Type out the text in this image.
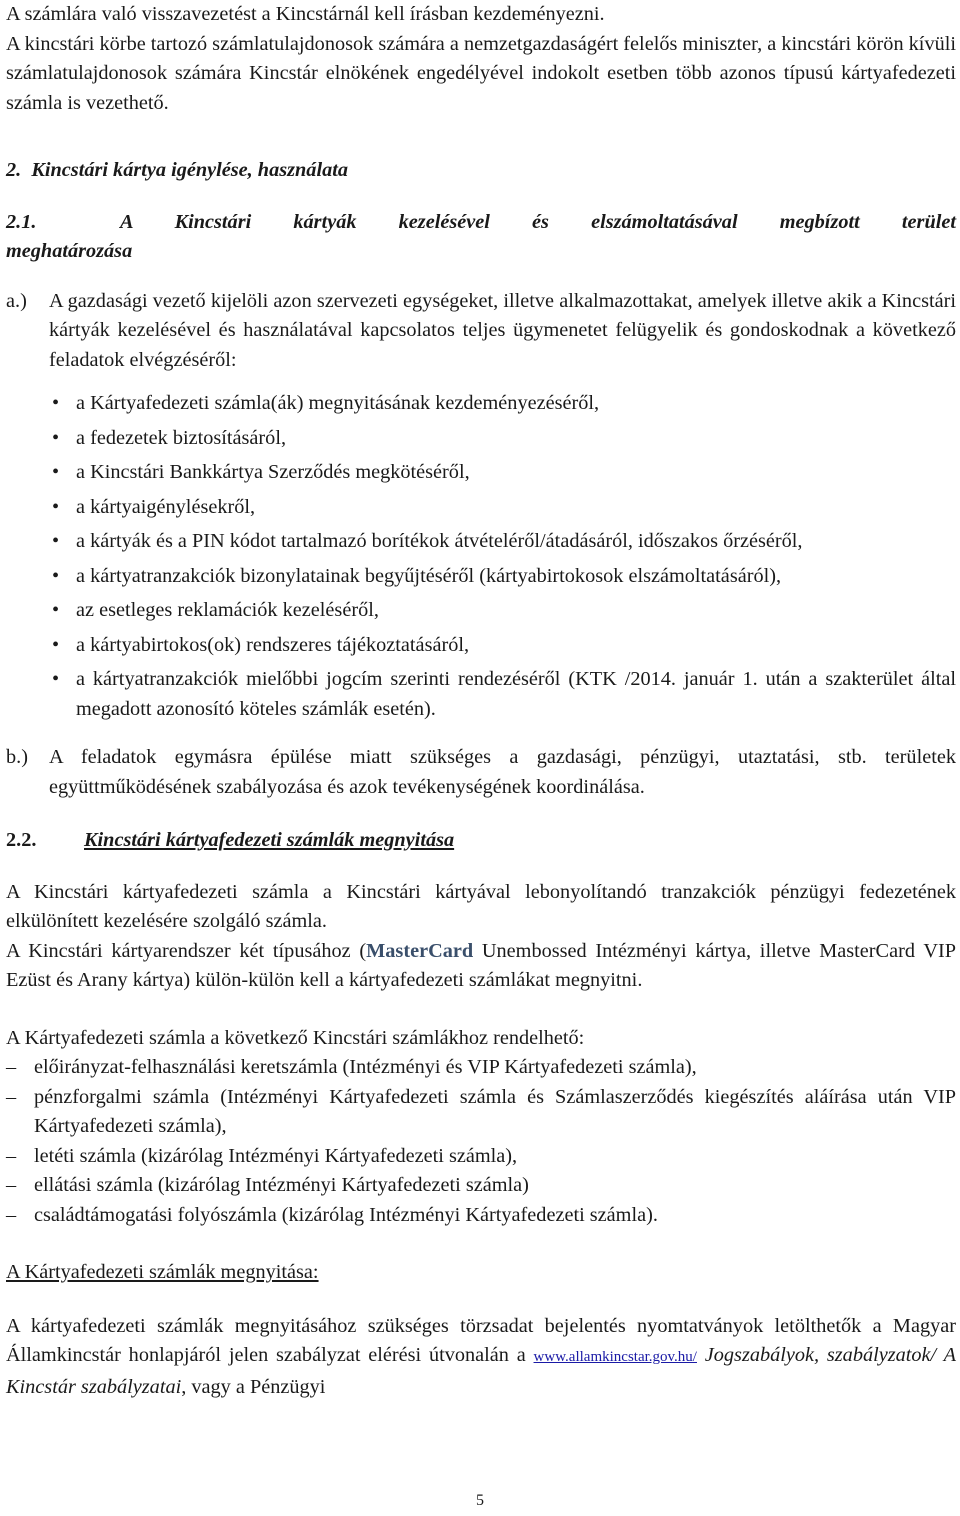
A számlára való visszavezetést a Kincstárnál kell írásban kezdeményezni.

A kincstári körbe tartozó számlatulajdonosok számára a nemzetgazdaságért felelős miniszter, a kincstári körön kívüli számlatulajdonosok számára Kincstár elnökének engedélyével indokolt esetben több azonos típusú kártyafedezeti számla is vezethető.

2.  Kincstári kártya igénylése, használata
2.1.  A Kincstári kártyák kezelésével és elszámoltatásával megbízott terület
meghatározása
a.)	A gazdasági vezető kijelöli azon szervezeti egységeket, illetve alkalmazottakat, amelyek illetve akik a Kincstári kártyák kezelésével és használatával kapcsolatos teljes ügymenetet felügyelik és gondoskodnak a következő feladatok elvégzéséről:
• a Kártyafedezeti számla(ák) megnyitásának kezdeményezéséről,
• a fedezetek biztosításáról,
• a Kincstári Bankkártya Szerződés megkötéséről,
• a kártyaigénylésekről,
• a kártyák és a PIN kódot tartalmazó borítékok átvételéről/átadásáról, időszakos őrzéséről,
• a kártyatranzakciók bizonylatainak begyűjtéséről (kártyabirtokosok elszámoltatásáról),
• az esetleges reklamációk kezeléséről,
• a kártyabirtokos(ok) rendszeres tájékoztatásáról,
• a kártyatranzakciók mielőbbi jogcím szerinti rendezéséről (KTK /2014. január 1. után a szakterület által megadott azonosító köteles számlák esetén).
b.)	A feladatok egymásra épülése miatt szükséges a gazdasági, pénzügyi, utaztatási, stb. területek együttműködésének szabályozása és azok tevékenységének koordinálása.
2.2.	Kincstári kártyafedezeti számlák megnyitása

A Kincstári kártyafedezeti számla a Kincstári kártyával lebonyolítandó tranzakciók pénzügyi fedezetének elkülönített kezelésére szolgáló számla.

A Kincstári kártyarendszer két típusához (MasterCard Unembossed Intézményi kártya, illetve MasterCard VIP Ezüst és Arany kártya) külön-külön kell a kártyafedezeti számlákat megnyitni.

A Kártyafedezeti számla a következő Kincstári számlákhoz rendelhető:

– előirányzat-felhasználási keretszámla (Intézményi és VIP Kártyafedezeti számla),
– pénzforgalmi számla (Intézményi Kártyafedezeti számla és Számlaszerződés kiegészítés aláírása után VIP Kártyafedezeti számla),
– letéti számla (kizárólag Intézményi Kártyafedezeti számla),
– ellátási számla (kizárólag Intézményi Kártyafedezeti számla)
– családtámogatási folyószámla (kizárólag Intézményi Kártyafedezeti számla).

A Kártyafedezeti számlák megnyitása:

A kártyafedezeti számlák megnyitásához szükséges törzsadat bejelentés nyomtatványok letölthetők a Magyar Államkincstár honlapjáról jelen szabályzat elérési útvonalán a www.allamkincstar.gov.hu/ Jogszabályok, szabályzatok/ A Kincstár szabályzatai, vagy a Pénzügyi

5
